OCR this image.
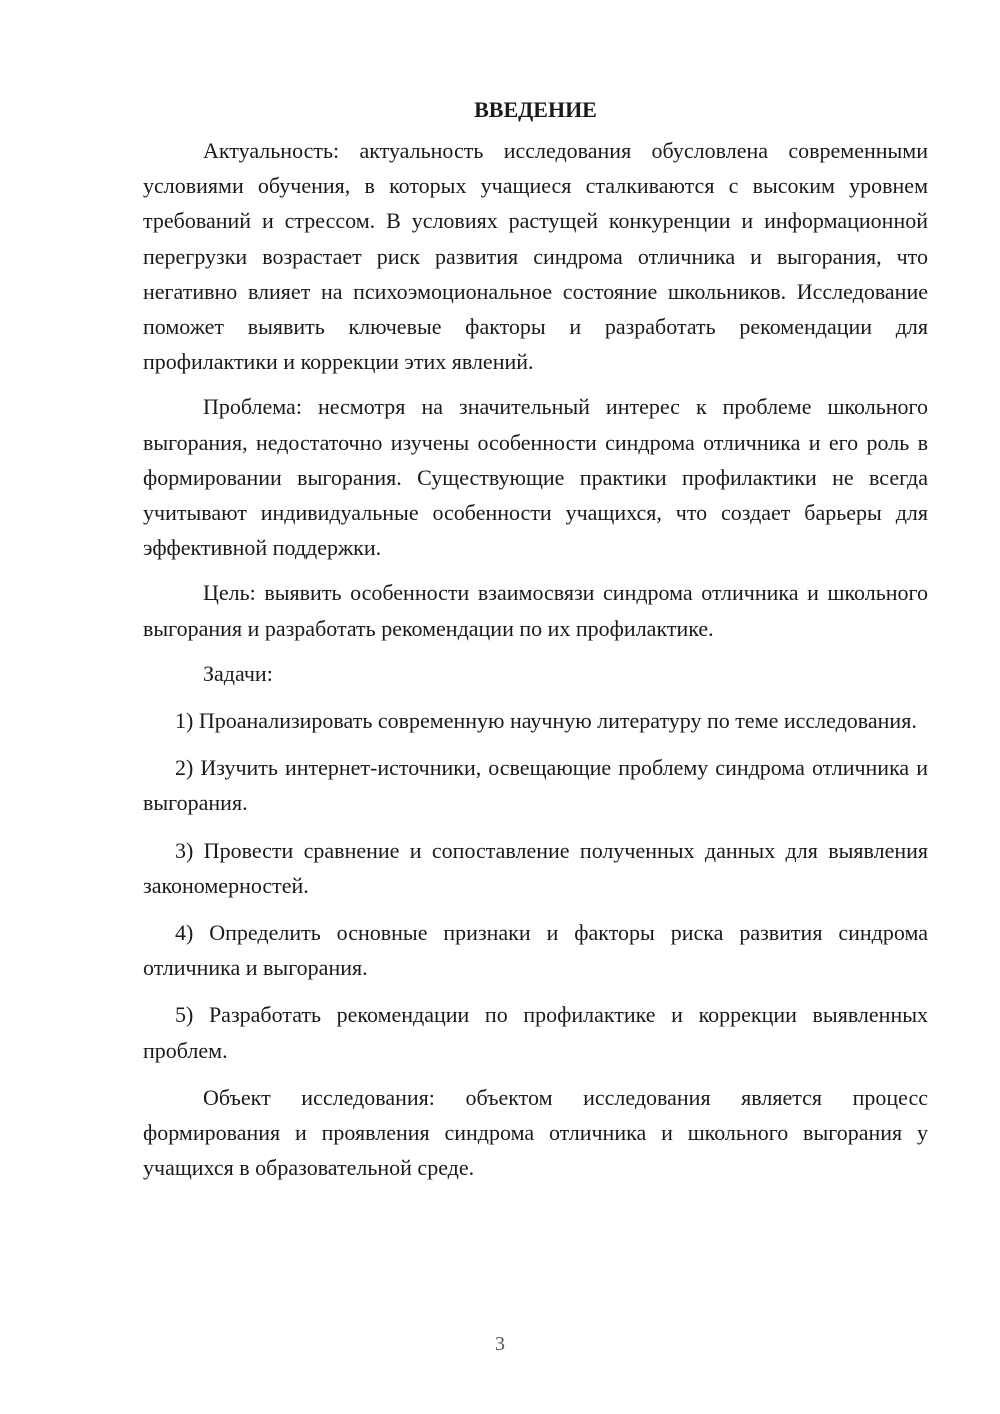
ВВЕДЕНИЕ

Актуальность: актуальность исследования обусловлена современными условиями обучения, в которых учащиеся сталкиваются с высоким уровнем требований и стрессом. В условиях растущей конкуренции и информационной перегрузки возрастает риск развития синдрома отличника и выгорания, что негативно влияет на психоэмоциональное состояние школьников. Исследование поможет выявить ключевые факторы и разработать рекомендации для профилактики и коррекции этих явлений.

Проблема: несмотря на значительный интерес к проблеме школьного выгорания, недостаточно изучены особенности синдрома отличника и его роль в формировании выгорания. Существующие практики профилактики не всегда учитывают индивидуальные особенности учащихся, что создает барьеры для эффективной поддержки.

Цель: выявить особенности взаимосвязи синдрома отличника и школьного выгорания и разработать рекомендации по их профилактике.

Задачи:

1) Проанализировать современную научную литературу по теме исследования.

2) Изучить интернет-источники, освещающие проблему синдрома отличника и выгорания.

3) Провести сравнение и сопоставление полученных данных для выявления закономерностей.

4) Определить основные признаки и факторы риска развития синдрома отличника и выгорания.

5) Разработать рекомендации по профилактике и коррекции выявленных проблем.

Объект исследования: объектом исследования является процесс формирования и проявления синдрома отличника и школьного выгорания у учащихся в образовательной среде.

3
